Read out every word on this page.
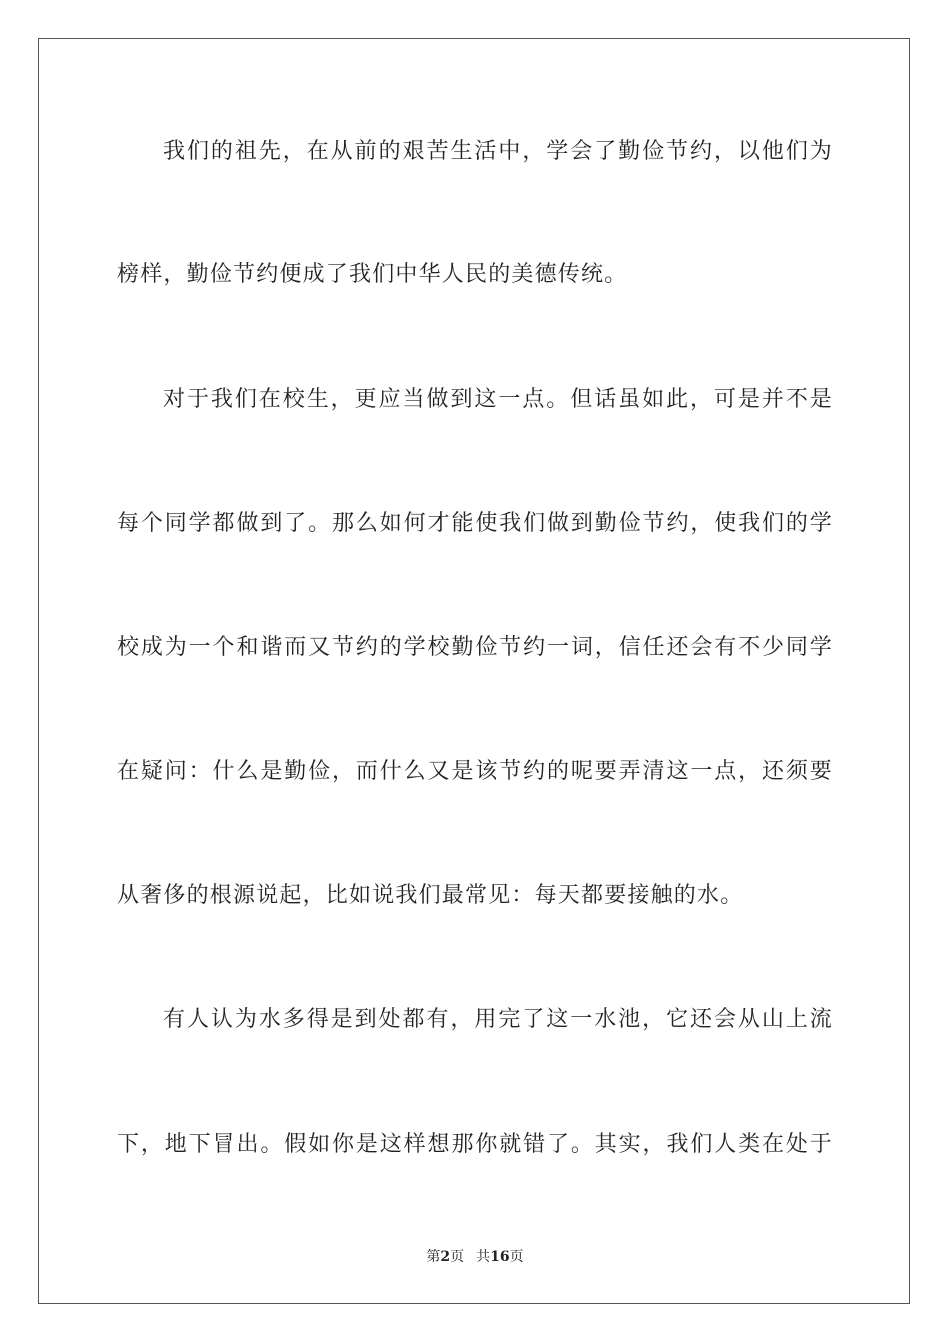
我们的祖先，在从前的艰苦生活中，学会了勤俭节约，以他们为
榜样，勤俭节约便成了我们中华人民的美德传统。
对于我们在校生，更应当做到这一点。但话虽如此，可是并不是
每个同学都做到了。那么如何才能使我们做到勤俭节约，使我们的学
校成为一个和谐而又节约的学校勤俭节约一词，信任还会有不少同学
在疑问：什么是勤俭，而什么又是该节约的呢要弄清这一点，还须要
从奢侈的根源说起，比如说我们最常见：每天都要接触的水。
有人认为水多得是到处都有，用完了这一水池，它还会从山上流
下，地下冒出。假如你是这样想那你就错了。其实，我们人类在处于
第2页 共16页
